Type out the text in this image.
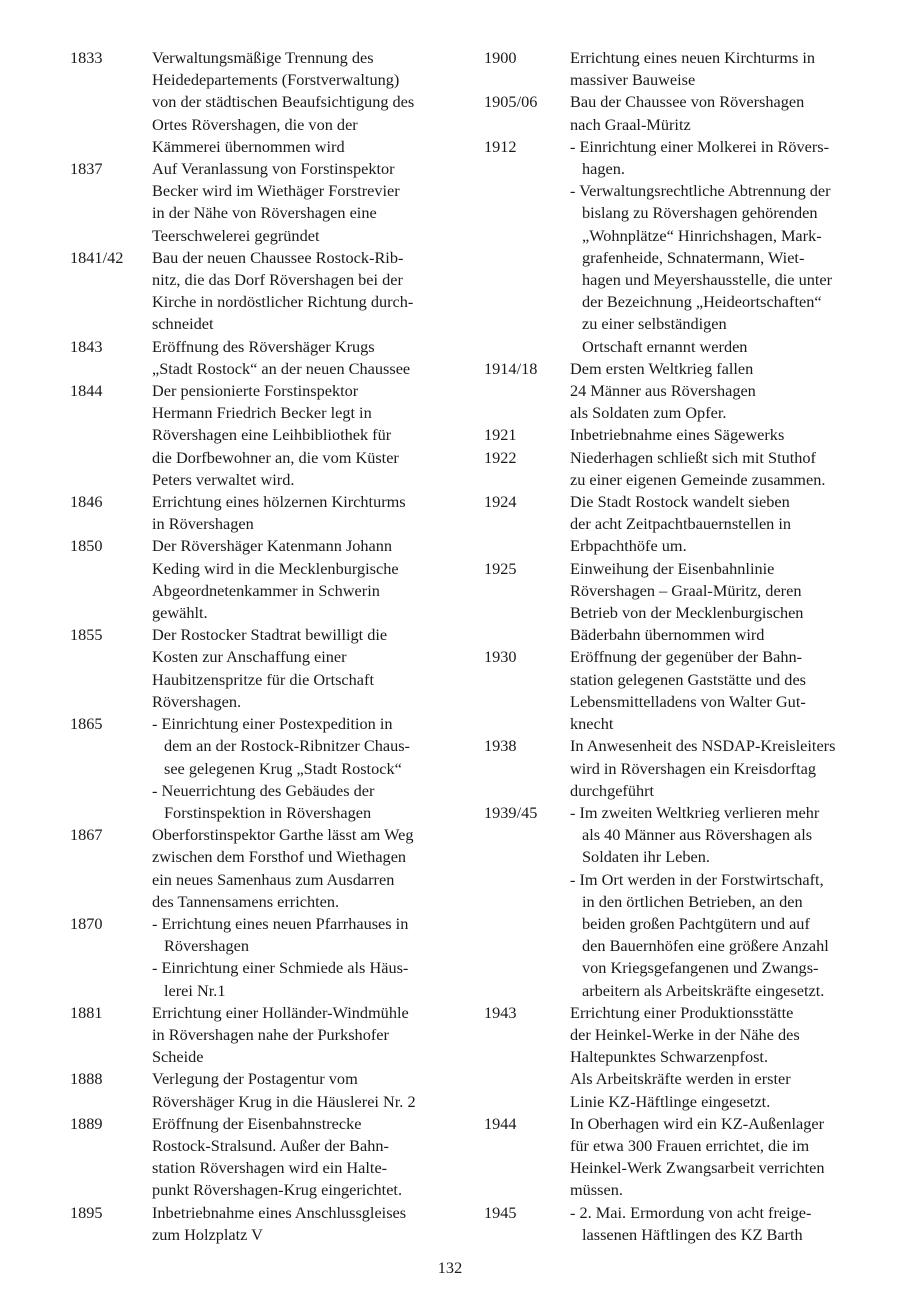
1833	Verwaltungsmäßige Trennung des
Heidedepartements (Forstverwaltung)
von der städtischen Beaufsichtigung des
Ortes Rövershagen, die von der
Kämmerei übernommen wird
1837	Auf Veranlassung von Forstinspektor
Becker wird im Wiethäger Forstrevier
in der Nähe von Rövershagen eine
Teerschwelerei gegründet
1841/42	Bau der neuen Chaussee Rostock-Rib-
nitz, die das Dorf Rövershagen bei der
Kirche in nordöstlicher Richtung durch-
schneidet
1843	Eröffnung des Rövershäger Krugs
„Stadt Rostock“ an der neuen Chaussee
1844	Der pensionierte Forstinspektor
Hermann Friedrich Becker legt in
Rövershagen eine Leihbibliothek für
die Dorfbewohner an, die vom Küster
Peters verwaltet wird.
1846	Errichtung eines hölzernen Kirchturms
in Rövershagen
1850	Der Rövershäger Katenmann Johann
Keding wird in die Mecklenburgische
Abgeordnetenkammer in Schwerin
gewählt.
1855	Der Rostocker Stadtrat bewilligt die
Kosten zur Anschaffung einer
Haubitzenspritze für die Ortschaft
Rövershagen.
1865	- Einrichtung einer Postexpedition in
dem an der Rostock-Ribnitzer Chaus-
see gelegenen Krug „Stadt Rostock“
- Neuerrichtung des Gebäudes der
Forstinspektion in Rövershagen
1867	Oberforstinspektor Garthe lässt am Weg
zwischen dem Forsthof und Wiethagen
ein neues Samenhaus zum Ausdarren
des Tannensamens errichten.
1870	- Errichtung eines neuen Pfarrhauses in
Rövershagen
- Einrichtung einer Schmiede als Häus-
lerei Nr.1
1881	Errichtung einer Holländer-Windmühle
in Rövershagen nahe der Purkshofer
Scheide
1888	Verlegung der Postagentur vom
Rövershäger Krug in die Häuslerei Nr. 2
1889	Eröffnung der Eisenbahnstrecke
Rostock-Stralsund. Außer der Bahn-
station Rövershagen wird ein Halte-
punkt Rövershagen-Krug eingerichtet.
1895	Inbetriebnahme eines Anschlussgleises
zum Holzplatz V
1900	Errichtung eines neuen Kirchturms in
massiver Bauweise
1905/06	Bau der Chaussee von Rövershagen
nach Graal-Müritz
1912	- Einrichtung einer Molkerei in Rövers-
hagen.
- Verwaltungsrechtliche Abtrennung der
bislang zu Rövershagen gehörenden
„Wohnplätze“ Hinrichshagen, Mark-
grafenheide, Schnatermann, Wiet-
hagen und Meyershausstelle, die unter
der Bezeichnung „Heideortschaften“
zu einer selbständigen
Ortschaft ernannt werden
1914/18	Dem ersten Weltkrieg fallen
24 Männer aus Rövershagen
als Soldaten zum Opfer.
1921	Inbetriebnahme eines Sägewerks
1922	Niederhagen schließt sich mit Stuthof
zu einer eigenen Gemeinde zusammen.
1924	Die Stadt Rostock wandelt sieben
der acht Zeitpachtbauernstellen in
Erbpachthöfe um.
1925	Einweihung der Eisenbahnlinie
Rövershagen – Graal-Müritz, deren
Betrieb von der Mecklenburgischen
Bäderbahn übernommen wird
1930	Eröffnung der gegenüber der Bahn-
station gelegenen Gaststätte und des
Lebensmittelladens von Walter Gut-
knecht
1938	In Anwesenheit des NSDAP-Kreisleiters
wird in Rövershagen ein Kreisdorftag
durchgeführt
1939/45	- Im zweiten Weltkrieg verlieren mehr
als 40 Männer aus Rövershagen als
Soldaten ihr Leben.
- Im Ort werden in der Forstwirtschaft,
in den örtlichen Betrieben, an den
beiden großen Pachtgütern und auf
den Bauernhöfen eine größere Anzahl
von Kriegsgefangenen und Zwangs-
arbeitern als Arbeitskräfte eingesetzt.
1943	Errichtung einer Produktionsstätte
der Heinkel-Werke in der Nähe des
Haltepunktes Schwarzenpfost.
Als Arbeitskräfte werden in erster
Linie KZ-Häftlinge eingesetzt.
1944	In Oberhagen wird ein KZ-Außenlager
für etwa 300 Frauen errichtet, die im
Heinkel-Werk Zwangsarbeit verrichten
müssen.
1945	- 2. Mai. Ermordung von acht freige-
lassenen Häftlingen des KZ Barth
132
